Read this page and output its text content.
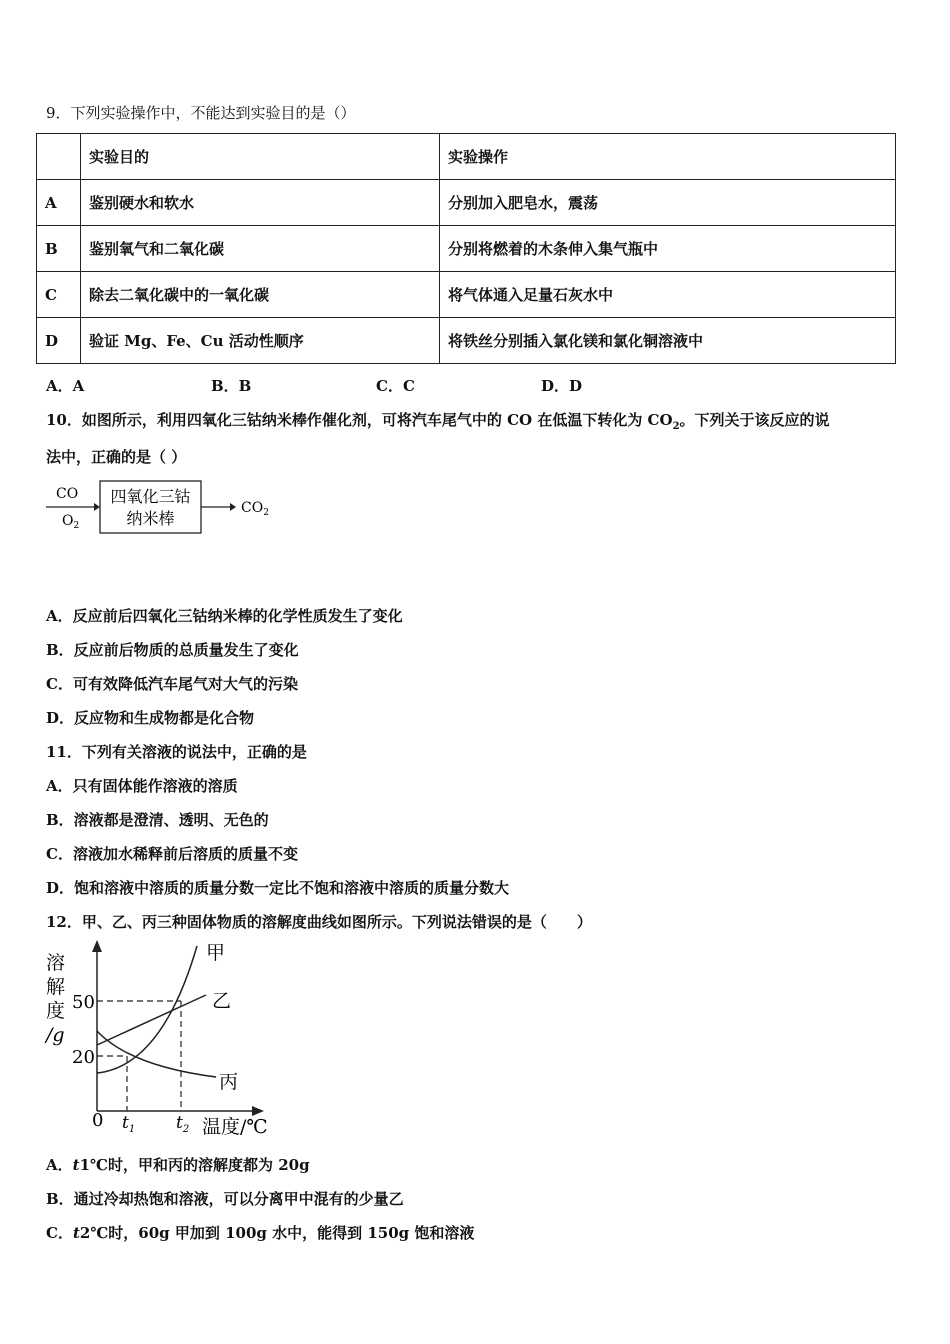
9．下列实验操作中，不能达到实验目的是（）
	实验目的	实验操作
A	鉴别硬水和软水	分别加入肥皂水，震荡
B	鉴别氧气和二氧化碳	分别将燃着的木条伸入集气瓶中
C	除去二氧化碳中的一氧化碳	将气体通入足量石灰水中
D	验证 Mg、Fe、Cu 活动性顺序	将铁丝分别插入氯化镁和氯化铜溶液中
A．A	B．B	C．C	D．D
10．如图所示，利用四氧化三钴纳米棒作催化剂，可将汽车尾气中的 CO 在低温下转化为 $CO_2$。下列关于该反应的说
法中，正确的是（ ）
CO
$O_2$
四氧化三钴
纳米棒
$CO_2$
A．反应前后四氧化三钴纳米棒的化学性质发生了变化
B．反应前后物质的总质量发生了变化
C．可有效降低汽车尾气对大气的污染
D．反应物和生成物都是化合物
11．下列有关溶液的说法中，正确的是
A．只有固体能作溶液的溶质
B．溶液都是澄清、透明、无色的
C．溶液加水稀释前后溶质的质量不变
D．饱和溶液中溶质的质量分数一定比不饱和溶液中溶质的质量分数大
12．甲、乙、丙三种固体物质的溶解度曲线如图所示。下列说法错误的是（　　）
溶
解
度
/g
50
20
0
甲
乙
丙
$t_1$ $t_2$ 温度/℃
A．t1℃时，甲和丙的溶解度都为 20g
B．通过冷却热饱和溶液，可以分离甲中混有的少量乙
C．t2℃时，60g 甲加到 100g 水中，能得到 150g 饱和溶液
